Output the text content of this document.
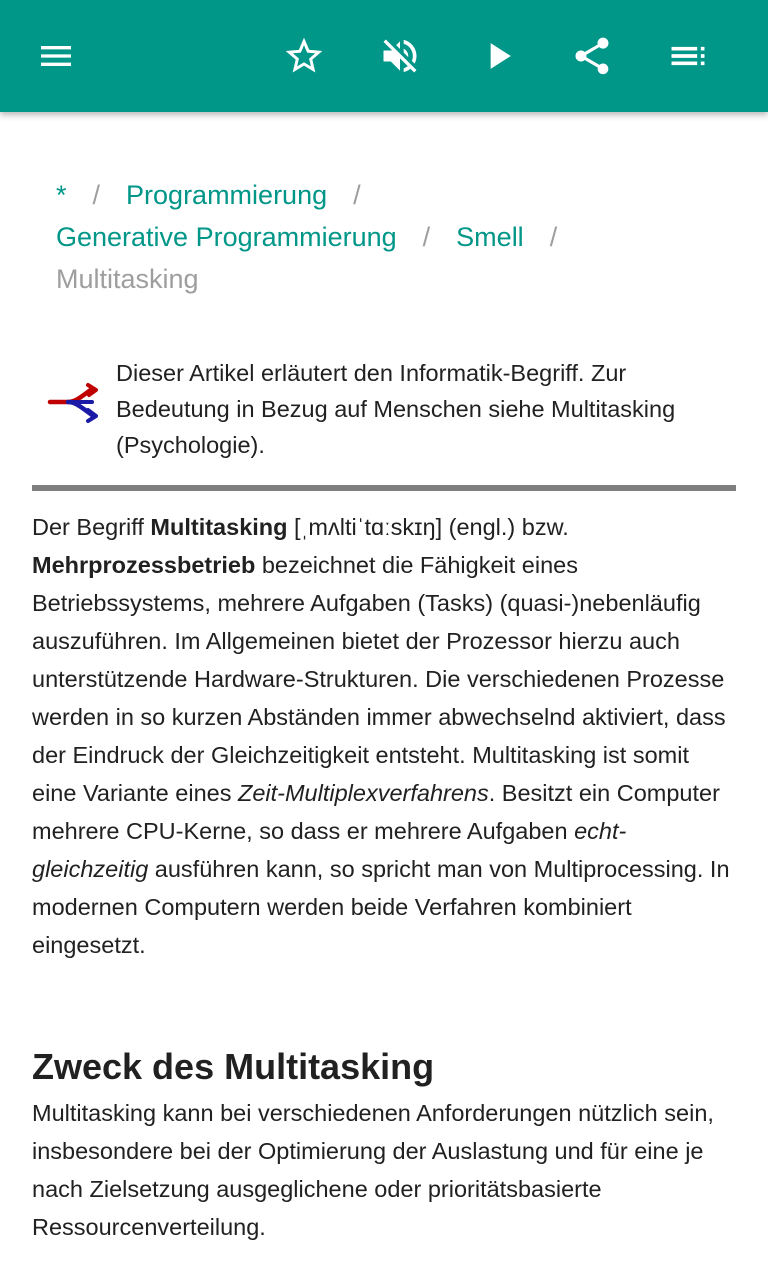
* / Programmierung /
Generative Programmierung / Smell /
Multitasking
Dieser Artikel erläutert den Informatik-Begriff. Zur Bedeutung in Bezug auf Menschen siehe Multitasking (Psychologie).

Der Begriff Multitasking [ˌmʌltiˈtɑːskɪŋ] (engl.) bzw. Mehrprozessbetrieb bezeichnet die Fähigkeit eines Betriebssystems, mehrere Aufgaben (Tasks) (quasi-)nebenläufig auszuführen. Im Allgemeinen bietet der Prozessor hierzu auch unterstützende Hardware-Strukturen. Die verschiedenen Prozesse werden in so kurzen Abständen immer abwechselnd aktiviert, dass der Eindruck der Gleichzeitigkeit entsteht. Multitasking ist somit eine Variante eines Zeit-Multiplexverfahrens. Besitzt ein Computer mehrere CPU-Kerne, so dass er mehrere Aufgaben echt-gleichzeitig ausführen kann, so spricht man von Multiprocessing. In modernen Computern werden beide Verfahren kombiniert eingesetzt.

Zweck des Multitasking

Multitasking kann bei verschiedenen Anforderungen nützlich sein, insbesondere bei der Optimierung der Auslastung und für eine je nach Zielsetzung ausgeglichene oder prioritätsbasierte Ressourcenverteilung.
